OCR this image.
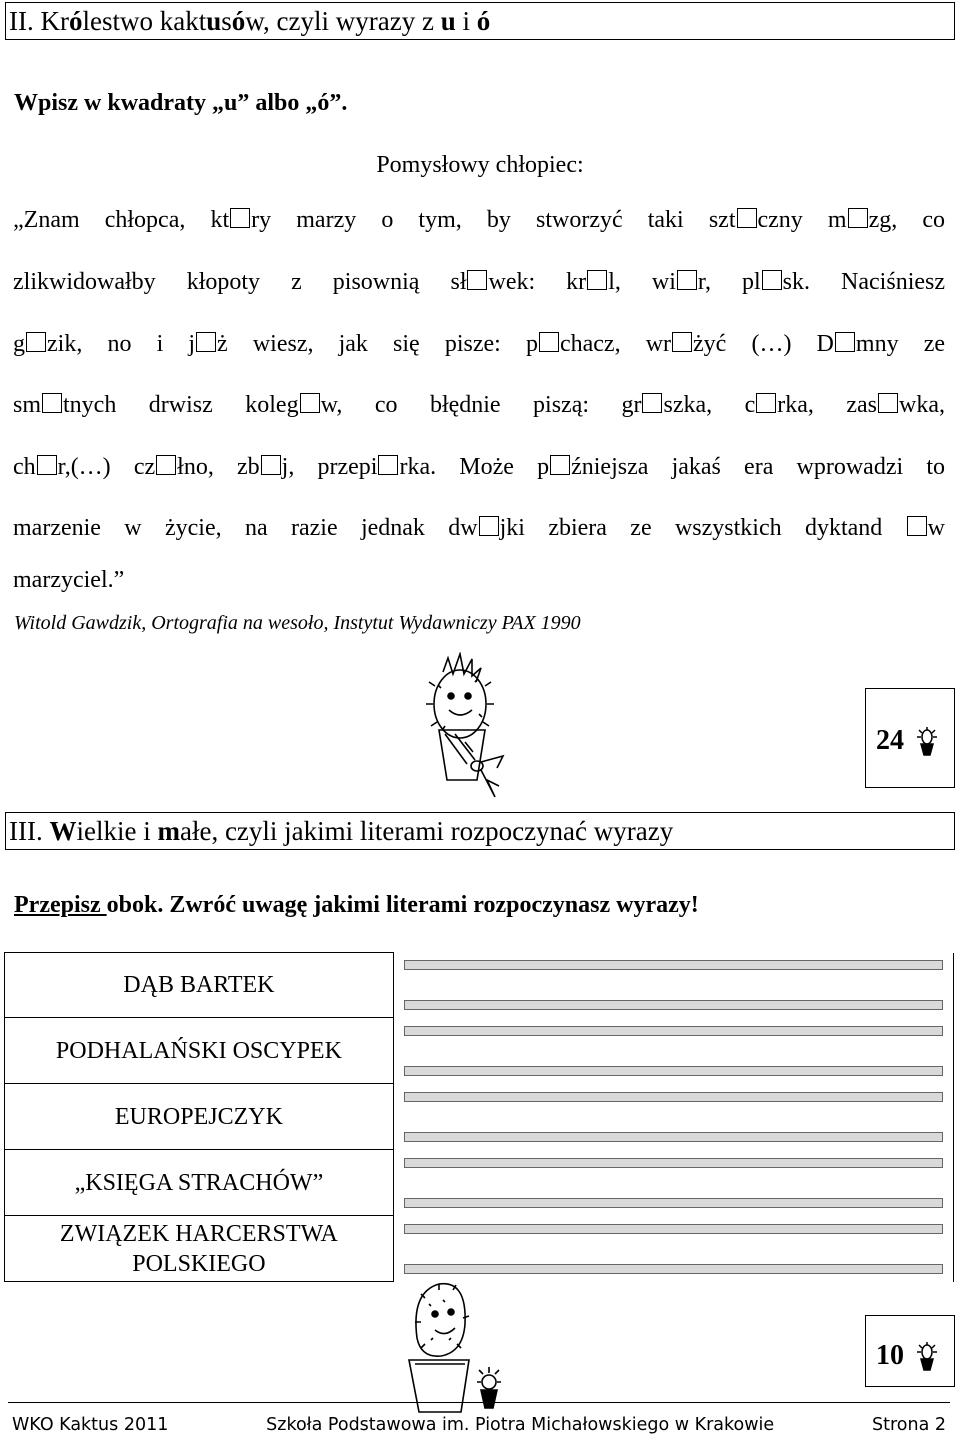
II. Królestwo kaktusów, czyli wyrazy z u i ó
Wpisz w kwadraty „u” albo „ó”.
Pomysłowy chłopiec:
„Znam chłopca, kt ry marzy o tym, by stworzyć taki szt czny m zg, co
zlikwidowałby kłopoty z pisownią sł wek: kr l, wi r, pl sk. Naciśniesz
g zik, no i j ż wiesz, jak się pisze: p chacz, wr żyć (…) D mny ze
sm tnych drwisz koleg w, co błędnie piszą: gr szka, c rka, zas wka,
ch r,(…) cz łno, zb j, przepi rka. Może p źniejsza jakaś era wprowadzi to
marzenie w życie, na razie jednak dw jki zbiera ze wszystkich dyktand w
marzyciel.”
Witold Gawdzik, Ortografia na wesoło, Instytut Wydawniczy PAX 1990
24
III. Wielkie i małe, czyli jakimi literami rozpoczynać wyrazy
Przepisz obok. Zwróć uwagę jakimi literami rozpoczynasz wyrazy!
DĄB BARTEK	

PODHALAŃSKI OSCYPEK	

EUROPEJCZYK	

„KSIĘGA STRACHÓW”	

ZWIĄZEK HARCERSTWA POLSKIEGO	
10
WKO Kaktus 2011	Szkoła Podstawowa im. Piotra Michałowskiego w Krakowie	Strona 2
